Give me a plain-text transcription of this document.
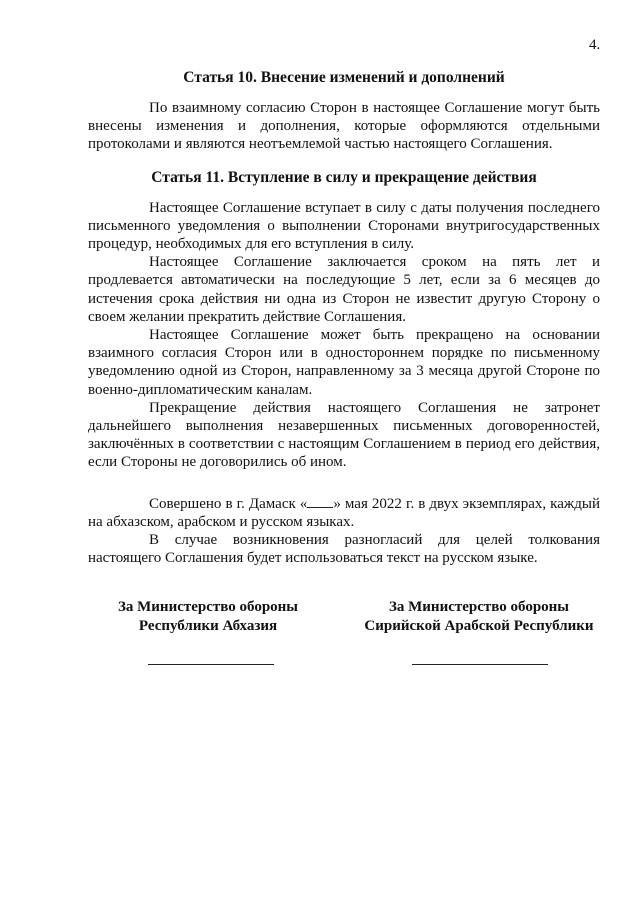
4.

Статья 10. Внесение изменений и дополнений

По взаимному согласию Сторон в настоящее Соглашение могут быть внесены изменения и дополнения, которые оформляются отдельными протоколами и являются неотъемлемой частью настоящего Соглашения.

Статья 11. Вступление в силу и прекращение действия

Настоящее Соглашение вступает в силу с даты получения последнего письменного уведомления о выполнении Сторонами внутригосударственных процедур, необходимых для его вступления в силу.

Настоящее Соглашение заключается сроком на пять лет и продлевается автоматически на последующие 5 лет, если за 6 месяцев до истечения срока действия ни одна из Сторон не известит другую Сторону о своем желании прекратить действие Соглашения.

Настоящее Соглашение может быть прекращено на основании взаимного согласия Сторон или в одностороннем порядке по письменному уведомлению одной из Сторон, направленному за 3 месяца другой Стороне по военно-дипломатическим каналам.

Прекращение действия настоящего Соглашения не затронет дальнейшего выполнения незавершенных письменных договоренностей, заключённых в соответствии с настоящим Соглашением в период его действия, если Стороны не договорились об ином.

Совершено в г. Дамаск « » мая 2022 г. в двух экземплярах, каждый на абхазском, арабском и русском языках.

В случае возникновения разногласий для целей толкования настоящего Соглашения будет использоваться текст на русском языке.

За Министерство обороны
Республики Абхазия
За Министерство обороны
Сирийской Арабской Республики
